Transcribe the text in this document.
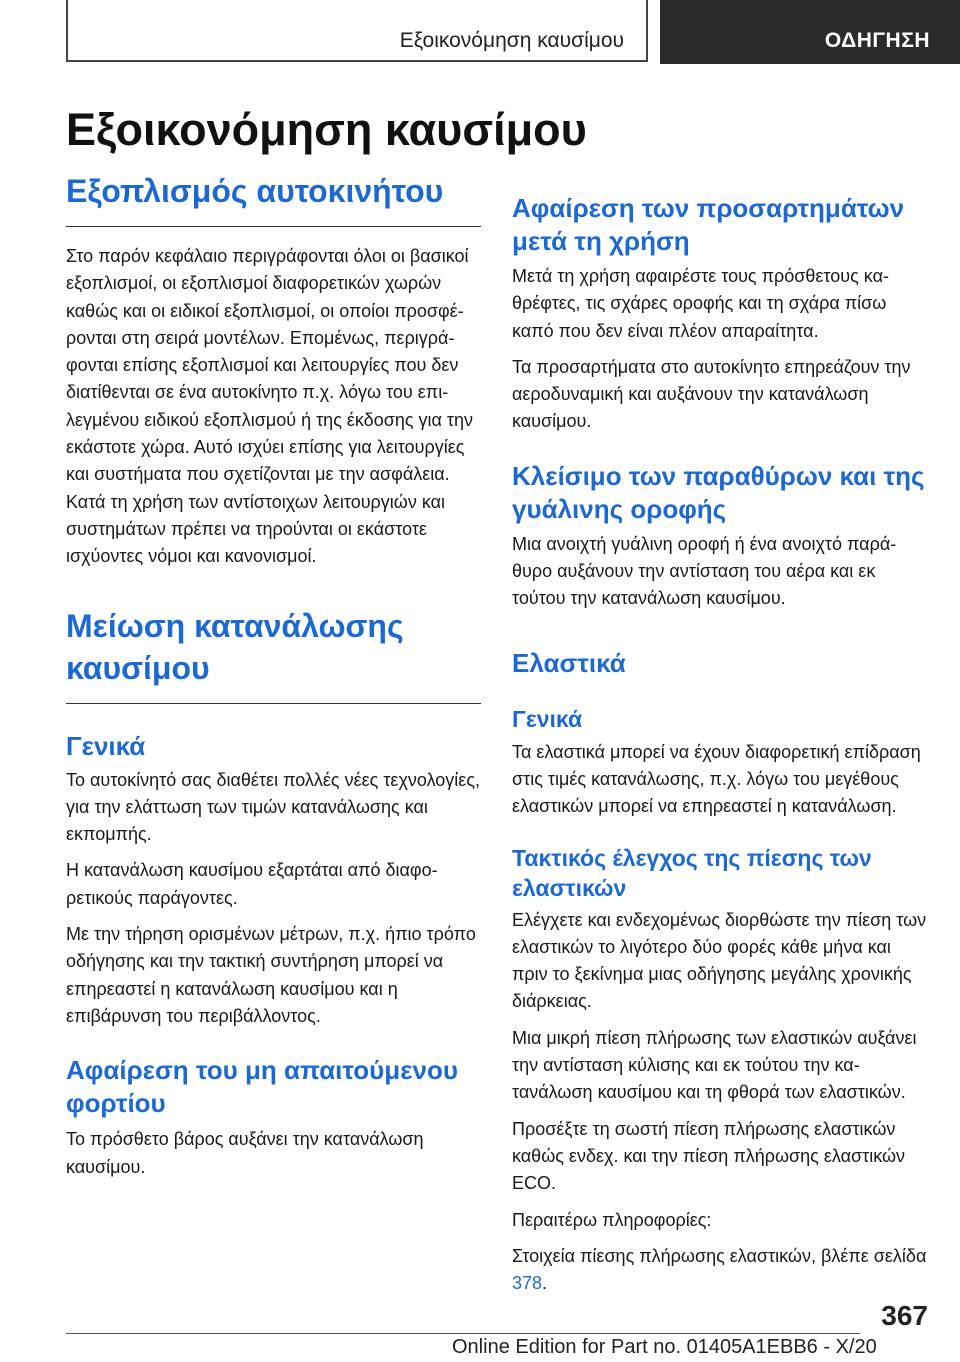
Εξοικονόμηση καυσίμου	ΟΔΗΓΗΣΗ
Εξοικονόμηση καυσίμου
Εξοπλισμός αυτοκινήτου

Στο παρόν κεφάλαιο περιγράφονται όλοι οι βασικοί εξοπλισμοί, οι εξοπλισμοί διαφορετικών χωρών καθώς και οι ειδικοί εξοπλισμοί, οι οποίοι προσφέρονται στη σειρά μοντέλων. Επομένως, περιγράφονται επίσης εξοπλισμοί και λειτουργίες που δεν διατίθενται σε ένα αυτοκίνητο π.χ. λόγω του επιλεγμένου ειδικού εξοπλισμού ή της έκδοσης για την εκάστοτε χώρα. Αυτό ισχύει επίσης για λειτουργίες και συστήματα που σχετίζονται με την ασφάλεια. Κατά τη χρήση των αντίστοιχων λειτουργιών και συστημάτων πρέπει να τηρούνται οι εκάστοτε ισχύοντες νόμοι και κανονισμοί.

Μείωση κατανάλωσης καυσίμου
Γενικά

Το αυτοκίνητό σας διαθέτει πολλές νέες τεχνολογίες, για την ελάττωση των τιμών κατανάλωσης και εκπομπής.

Η κατανάλωση καυσίμου εξαρτάται από διαφορετικούς παράγοντες.

Με την τήρηση ορισμένων μέτρων, π.χ. ήπιο τρόπο οδήγησης και την τακτική συντήρηση μπορεί να επηρεαστεί η κατανάλωση καυσίμου και η επιβάρυνση του περιβάλλοντος.

Αφαίρεση του μη απαιτούμενου φορτίου

Το πρόσθετο βάρος αυξάνει την κατανάλωση καυσίμου.

Αφαίρεση των προσαρτημάτων μετά τη χρήση

Μετά τη χρήση αφαιρέστε τους πρόσθετους καθρέφτες, τις σχάρες οροφής και τη σχάρα πίσω καπό που δεν είναι πλέον απαραίτητα.

Τα προσαρτήματα στο αυτοκίνητο επηρεάζουν την αεροδυναμική και αυξάνουν την κατανάλωση καυσίμου.

Κλείσιμο των παραθύρων και της γυάλινης οροφής

Μια ανοιχτή γυάλινη οροφή ή ένα ανοιχτό παράθυρο αυξάνουν την αντίσταση του αέρα και εκ τούτου την κατανάλωση καυσίμου.

Ελαστικά
Γενικά

Τα ελαστικά μπορεί να έχουν διαφορετική επίδραση στις τιμές κατανάλωσης, π.χ. λόγω του μεγέθους ελαστικών μπορεί να επηρεαστεί η κατανάλωση.

Τακτικός έλεγχος της πίεσης των ελαστικών

Ελέγχετε και ενδεχομένως διορθώστε την πίεση των ελαστικών το λιγότερο δύο φορές κάθε μήνα και πριν το ξεκίνημα μιας οδήγησης μεγάλης χρονικής διάρκειας.

Μια μικρή πίεση πλήρωσης των ελαστικών αυξάνει την αντίσταση κύλισης και εκ τούτου την κατανάλωση καυσίμου και τη φθορά των ελαστικών.

Προσέξτε τη σωστή πίεση πλήρωσης ελαστικών καθώς ενδεχ. και την πίεση πλήρωσης ελαστικών ECO.

Περαιτέρω πληροφορίες:

Στοιχεία πίεσης πλήρωσης ελαστικών, βλέπε σελίδα 378.

367
Online Edition for Part no. 01405A1EBB6 - X/20
